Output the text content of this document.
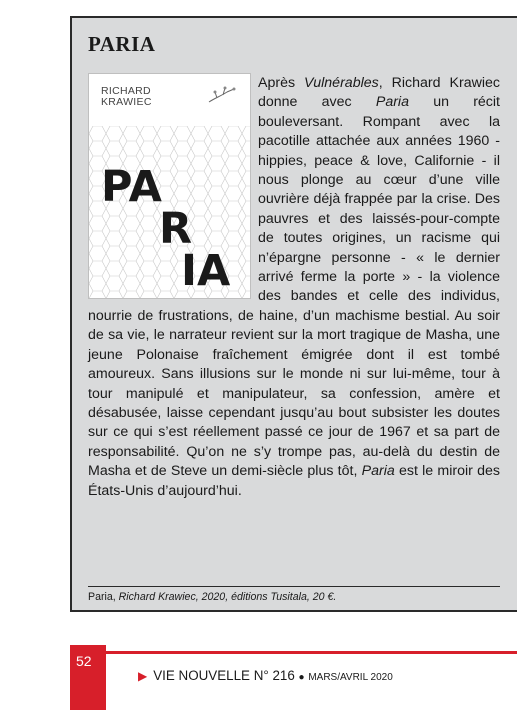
PARIA
RICHARD
KRAWIEC
PA
R
IA

Après Vulnérables, Richard Krawiec donne avec Paria un récit bouleversant. Rompant avec la pacotille attachée aux années 1960 - hippies, peace & love, Californie - il nous plonge au cœur d’une ville ouvrière déjà frappée par la crise. Des pauvres et des laissés-pour-compte de toutes origines, un racisme qui n’épargne personne - « le dernier arrivé ferme la porte » - la violence des bandes et celle des individus, nourrie de frustrations, de haine, d’un machisme bestial. Au soir de sa vie, le narrateur revient sur la mort tragique de Masha, une jeune Polonaise fraîchement émigrée dont il est tombé amoureux. Sans illusions sur le monde ni sur lui-même, tour à tour manipulé et manipulateur, sa confession, amère et désabusée, laisse cependant jusqu’au bout subsister les doutes sur ce qui s’est réellement passé ce jour de 1967 et sa part de responsabilité. Qu’on ne s’y trompe pas, au-delà du destin de Masha et de Steve un demi-siècle plus tôt, Paria est le miroir des États-Unis d’aujourd’hui.

Paria, Richard Krawiec, 2020, éditions Tusitala, 20 €.
52
▶ VIE NOUVELLE N° 216 ● MARS/AVRIL 2020
